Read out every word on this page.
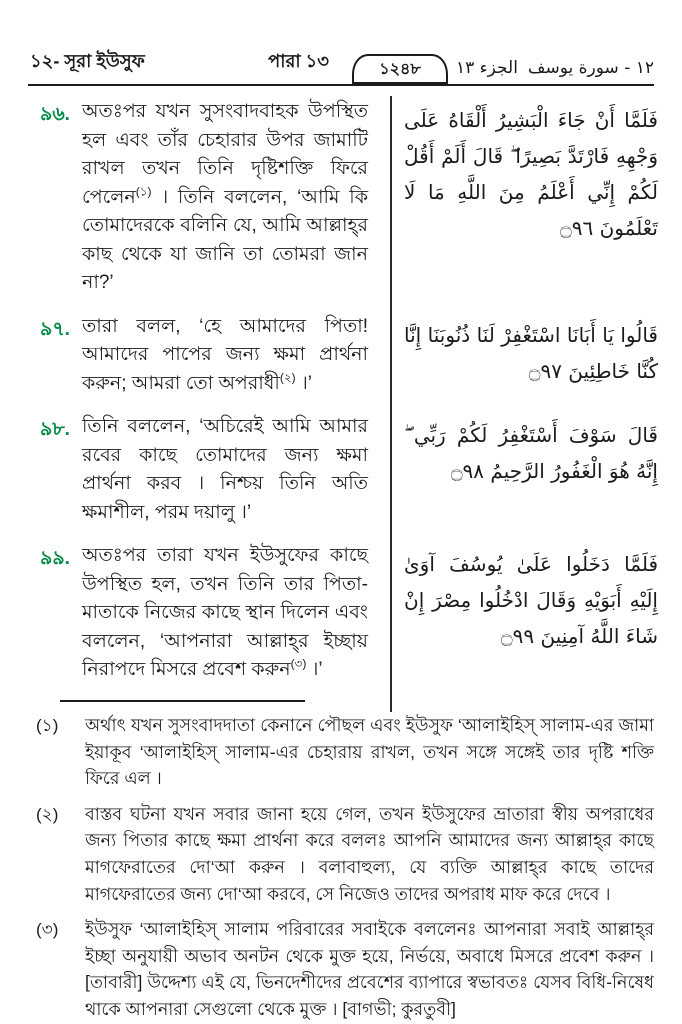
১২- সূরা ইউসুফ	পারা ১৩	الجزء ١٣ ١٢ - سورة يوسف
১২৪৮
৯৬. অতঃপর যখন সুসংবাদবাহক উপস্থিত হল এবং তাঁর চেহারার উপর জামাটি রাখল তখন তিনি দৃষ্টিশক্তি ফিরে পেলেন$^{(১)}$ । তিনি বললেন, ‘আমি কি তোমাদেরকে বলিনি যে, আমি আল্লাহ্‌র কাছ থেকে যা জানি তা তোমরা জান না?’
فَلَمَّا أَنْ جَاءَ الْبَشِيرُ أَلْقَاهُ عَلَى وَجْهِهِ فَارْتَدَّ بَصِيرًا ۖ قَالَ أَلَمْ أَقُلْ لَكُمْ إِنِّي أَعْلَمُ مِنَ اللَّهِ مَا لَا تَعْلَمُونَ ۝٩٦
৯৭. তারা বলল, ‘হে আমাদের পিতা! আমাদের পাপের জন্য ক্ষমা প্রার্থনা করুন; আমরা তো অপরাধী$^{(২)}$ ।’
قَالُوا يَا أَبَانَا اسْتَغْفِرْ لَنَا ذُنُوبَنَا إِنَّا كُنَّا خَاطِئِينَ ۝٩٧
৯৮. তিনি বললেন, ‘অচিরেই আমি আমার রবের কাছে তোমাদের জন্য ক্ষমা প্রার্থনা করব । নিশ্চয় তিনি অতি ক্ষমাশীল, পরম দয়ালু ।’
قَالَ سَوْفَ أَسْتَغْفِرُ لَكُمْ رَبِّي ۖ إِنَّهُ هُوَ الْغَفُورُ الرَّحِيمُ ۝٩٨
৯৯. অতঃপর তারা যখন ইউসুফের কাছে উপস্থিত হল, তখন তিনি তার পিতা-মাতাকে নিজের কাছে স্থান দিলেন এবং বললেন, ‘আপনারা আল্লাহ্‌র ইচ্ছায় নিরাপদে মিসরে প্রবেশ করুন$^{(৩)}$ ।’
فَلَمَّا دَخَلُوا عَلَىٰ يُوسُفَ آوَىٰ إِلَيْهِ أَبَوَيْهِ وَقَالَ ادْخُلُوا مِصْرَ إِنْ شَاءَ اللَّهُ آمِنِينَ ۝٩٩
(১)	অর্থাৎ যখন সুসংবাদদাতা কেনানে পৌছল এবং ইউসুফ ‘আলাইহিস্ সালাম-এর জামা ইয়াকূব ‘আলাইহিস্ সালাম-এর চেহারায় রাখল, তখন সঙ্গে সঙ্গেই তার দৃষ্টি শক্তি ফিরে এল ।
(২)	বাস্তব ঘটনা যখন সবার জানা হয়ে গেল, তখন ইউসুফের ভ্রাতারা স্বীয় অপরাধের জন্য পিতার কাছে ক্ষমা প্রার্থনা করে বললঃ আপনি আমাদের জন্য আল্লাহ্‌র কাছে মাগফেরাতের দো‘আ করুন । বলাবাহুল্য, যে ব্যক্তি আল্লাহ্‌র কাছে তাদের মাগফেরাতের জন্য দো‘আ করবে, সে নিজেও তাদের অপরাধ মাফ করে দেবে ।
(৩)	ইউসুফ ‘আলাইহিস্ সালাম পরিবারের সবাইকে বললেনঃ আপনারা সবাই আল্লাহ্‌র ইচ্ছা অনুযায়ী অভাব অনটন থেকে মুক্ত হয়ে, নির্ভয়ে, অবাধে মিসরে প্রবেশ করুন । [তাবারী] উদ্দেশ্য এই যে, ভিনদেশীদের প্রবেশের ব্যাপারে স্বভাবতঃ যেসব বিধি-নিষেধ থাকে আপনারা সেগুলো থেকে মুক্ত । [বাগভী; কুরতুবী]
